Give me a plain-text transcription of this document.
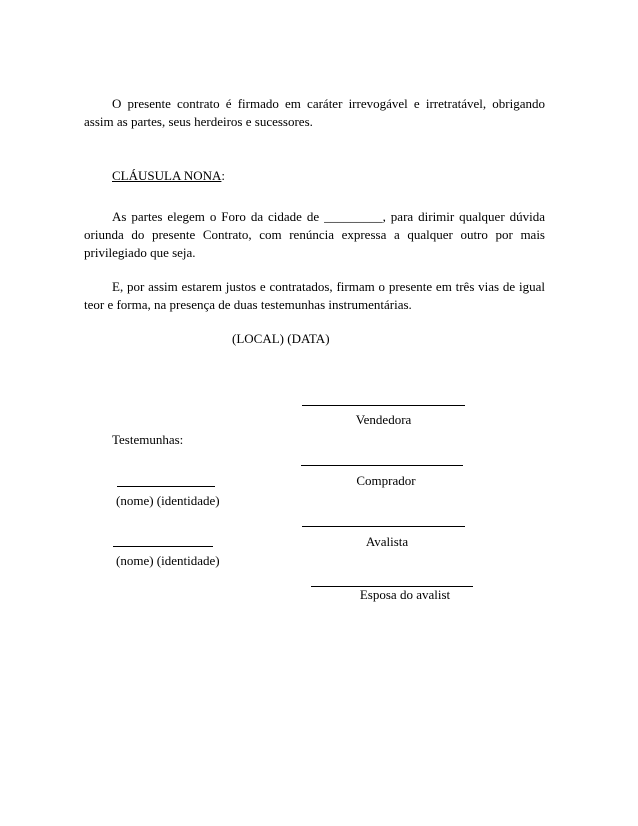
O presente contrato é firmado em caráter irrevogável e irretratável, obrigando assim as partes, seus herdeiros e sucessores.
CLÁUSULA NONA:
As partes elegem o Foro da cidade de _________, para dirimir qualquer dúvida oriunda do presente Contrato, com renúncia expressa a qualquer outro por mais privilegiado que seja.
E, por assim estarem justos e contratados, firmam o presente em três vias de igual teor e forma, na presença de duas testemunhas instrumentárias.
(LOCAL) (DATA)
Vendedora
Testemunhas:
Comprador
(nome) (identidade)
Avalista
(nome) (identidade)
Esposa do avalist
